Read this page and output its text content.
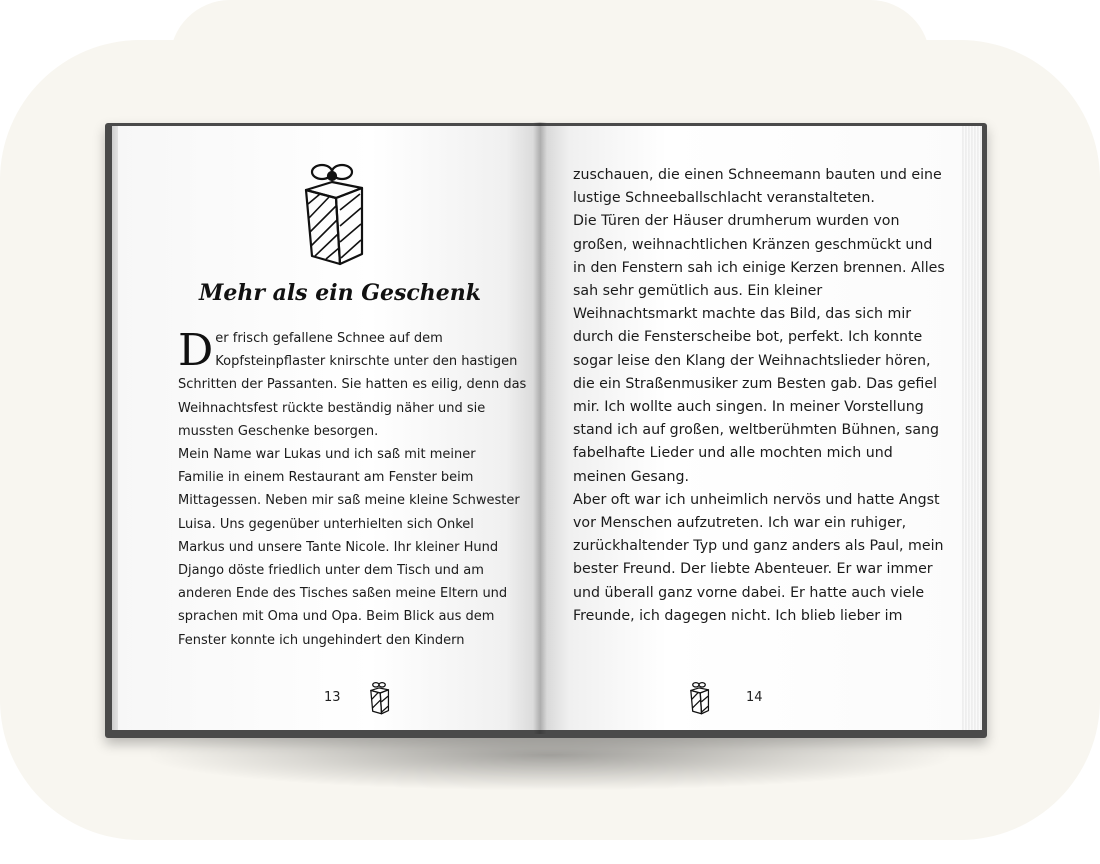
Mehr als ein Geschenk
D er frisch gefallene Schnee auf dem
Kopfsteinpflaster knirschte unter den hastigen
Schritten der Passanten. Sie hatten es eilig, denn das
Weihnachtsfest rückte beständig näher und sie
mussten Geschenke besorgen.
Mein Name war Lukas und ich saß mit meiner
Familie in einem Restaurant am Fenster beim
Mittagessen. Neben mir saß meine kleine Schwester
Luisa. Uns gegenüber unterhielten sich Onkel
Markus und unsere Tante Nicole. Ihr kleiner Hund
Django döste friedlich unter dem Tisch und am
anderen Ende des Tisches saßen meine Eltern und
sprachen mit Oma und Opa. Beim Blick aus dem
Fenster konnte ich ungehindert den Kindern
zuschauen, die einen Schneemann bauten und eine
lustige Schneeballschlacht veranstalteten.
Die Türen der Häuser drumherum wurden von
großen, weihnachtlichen Kränzen geschmückt und
in den Fenstern sah ich einige Kerzen brennen. Alles
sah sehr gemütlich aus. Ein kleiner
Weihnachtsmarkt machte das Bild, das sich mir
durch die Fensterscheibe bot, perfekt. Ich konnte
sogar leise den Klang der Weihnachtslieder hören,
die ein Straßenmusiker zum Besten gab. Das gefiel
mir. Ich wollte auch singen. In meiner Vorstellung
stand ich auf großen, weltberühmten Bühnen, sang
fabelhafte Lieder und alle mochten mich und
meinen Gesang.
Aber oft war ich unheimlich nervös und hatte Angst
vor Menschen aufzutreten. Ich war ein ruhiger,
zurückhaltender Typ und ganz anders als Paul, mein
bester Freund. Der liebte Abenteuer. Er war immer
und überall ganz vorne dabei. Er hatte auch viele
Freunde, ich dagegen nicht. Ich blieb lieber im
13	14
